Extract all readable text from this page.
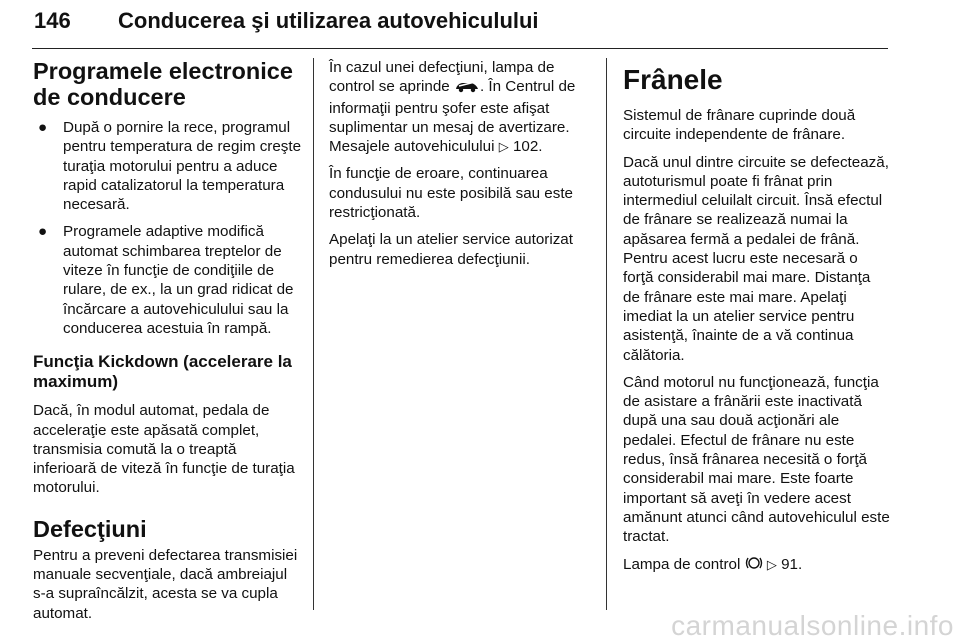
146 Conducerea şi utilizarea autovehiculului
Programele electronice de conducere
● După o pornire la rece, programul pentru temperatura de regim creşte turaţia motorului pentru a aduce rapid catalizatorul la temperatura necesară.
● Programele adaptive modifică automat schimbarea treptelor de viteze în funcţie de condiţiile de rulare, de ex., la un grad ridicat de încărcare a autovehiculului sau la conducerea acestuia în rampă.
Funcţia Kickdown (accelerare la maximum)

Dacă, în modul automat, pedala de acceleraţie este apăsată complet, transmisia comută la o treaptă inferioară de viteză în funcţie de turaţia motorului.

Defecţiuni

Pentru a preveni defectarea transmisiei manuale secvenţiale, dacă ambreiajul s-a supraîncălzit, acesta se va cupla automat.

În cazul unei defecţiuni, lampa de control se aprinde . În Centrul de informaţii pentru şofer este afişat suplimentar un mesaj de avertizare. Mesajele autovehiculului ▷ 102.

În funcţie de eroare, continuarea condusului nu este posibilă sau este restricţionată.

Apelaţi la un atelier service autorizat pentru remedierea defecţiunii.

Frânele

Sistemul de frânare cuprinde două circuite independente de frânare.

Dacă unul dintre circuite se defectează, autoturismul poate fi frânat prin intermediul celuilalt circuit. Însă efectul de frânare se realizează numai la apăsarea fermă a pedalei de frână. Pentru acest lucru este necesară o forţă considerabil mai mare. Distanţa de frânare este mai mare. Apelaţi imediat la un atelier service pentru asistenţă, înainte de a vă continua călătoria.

Când motorul nu funcţionează, funcţia de asistare a frânării este inactivată după una sau două acţionări ale pedalei. Efectul de frânare nu este redus, însă frânarea necesită o forţă considerabil mai mare. Este foarte important să aveţi în vedere acest amănunt atunci când autovehiculul este tractat.

Lampa de control ▷ 91.

carmanualsonline.info
